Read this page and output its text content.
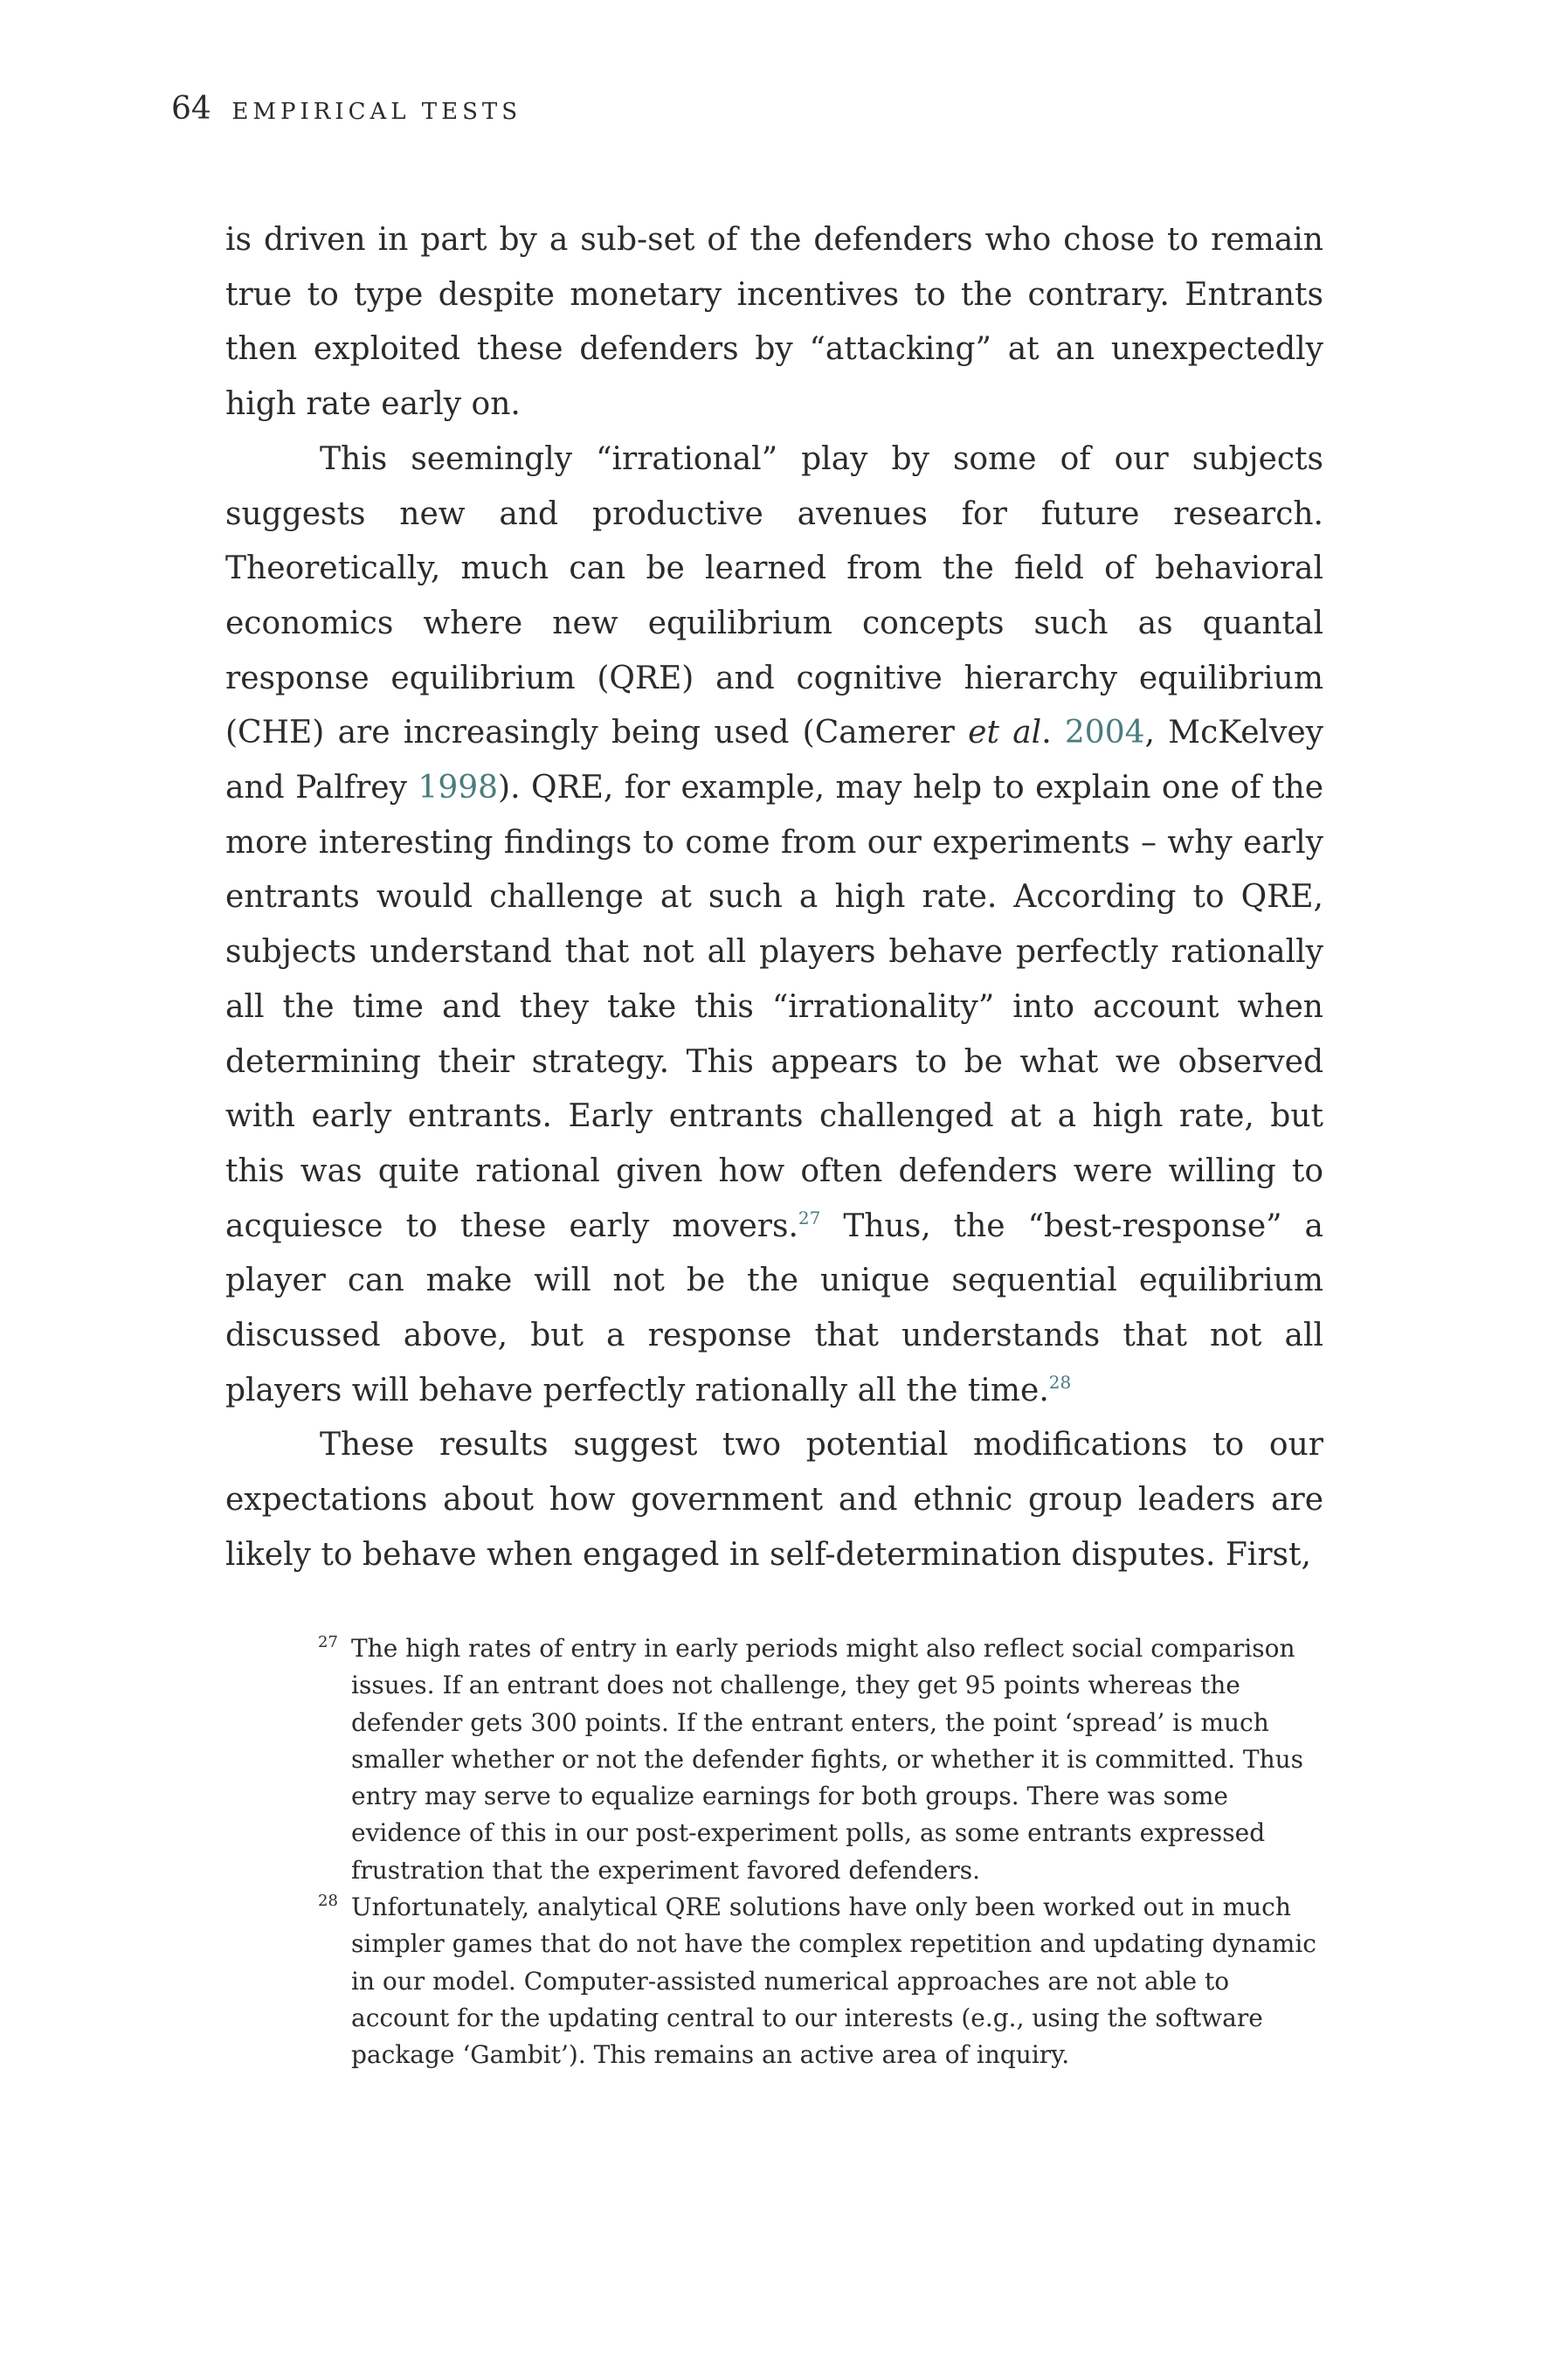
64 EMPIRICAL TESTS

is driven in part by a sub-set of the defenders who chose to remain true to type despite monetary incentives to the contrary. Entrants then exploited these defenders by “attacking” at an unexpectedly high rate early on.

This seemingly “irrational” play by some of our subjects suggests new and productive avenues for future research. Theoretically, much can be learned from the field of behavioral economics where new equilibrium concepts such as quantal response equilibrium (QRE) and cognitive hierarchy equilibrium (CHE) are increasingly being used (Camerer et al. 2004, McKelvey and Palfrey 1998). QRE, for example, may help to explain one of the more interesting findings to come from our experiments – why early entrants would challenge at such a high rate. According to QRE, subjects understand that not all players behave perfectly rationally all the time and they take this “irrationality” into account when determining their strategy. This appears to be what we observed with early entrants. Early entrants challenged at a high rate, but this was quite rational given how often defenders were willing to acquiesce to these early movers.$^{27}$ Thus, the “best-response” a player can make will not be the unique sequential equilibrium discussed above, but a response that understands that not all players will behave perfectly rationally all the time.$^{28}$

These results suggest two potential modifications to our expectations about how government and ethnic group leaders are likely to behave when engaged in self-determination disputes. First,

27 The high rates of entry in early periods might also reflect social comparison issues. If an entrant does not challenge, they get 95 points whereas the defender gets 300 points. If the entrant enters, the point ‘spread’ is much smaller whether or not the defender fights, or whether it is committed. Thus entry may serve to equalize earnings for both groups. There was some evidence of this in our post-experiment polls, as some entrants expressed frustration that the experiment favored defenders.

28 Unfortunately, analytical QRE solutions have only been worked out in much simpler games that do not have the complex repetition and updating dynamic in our model. Computer-assisted numerical approaches are not able to account for the updating central to our interests (e.g., using the software package ‘Gambit’). This remains an active area of inquiry.
